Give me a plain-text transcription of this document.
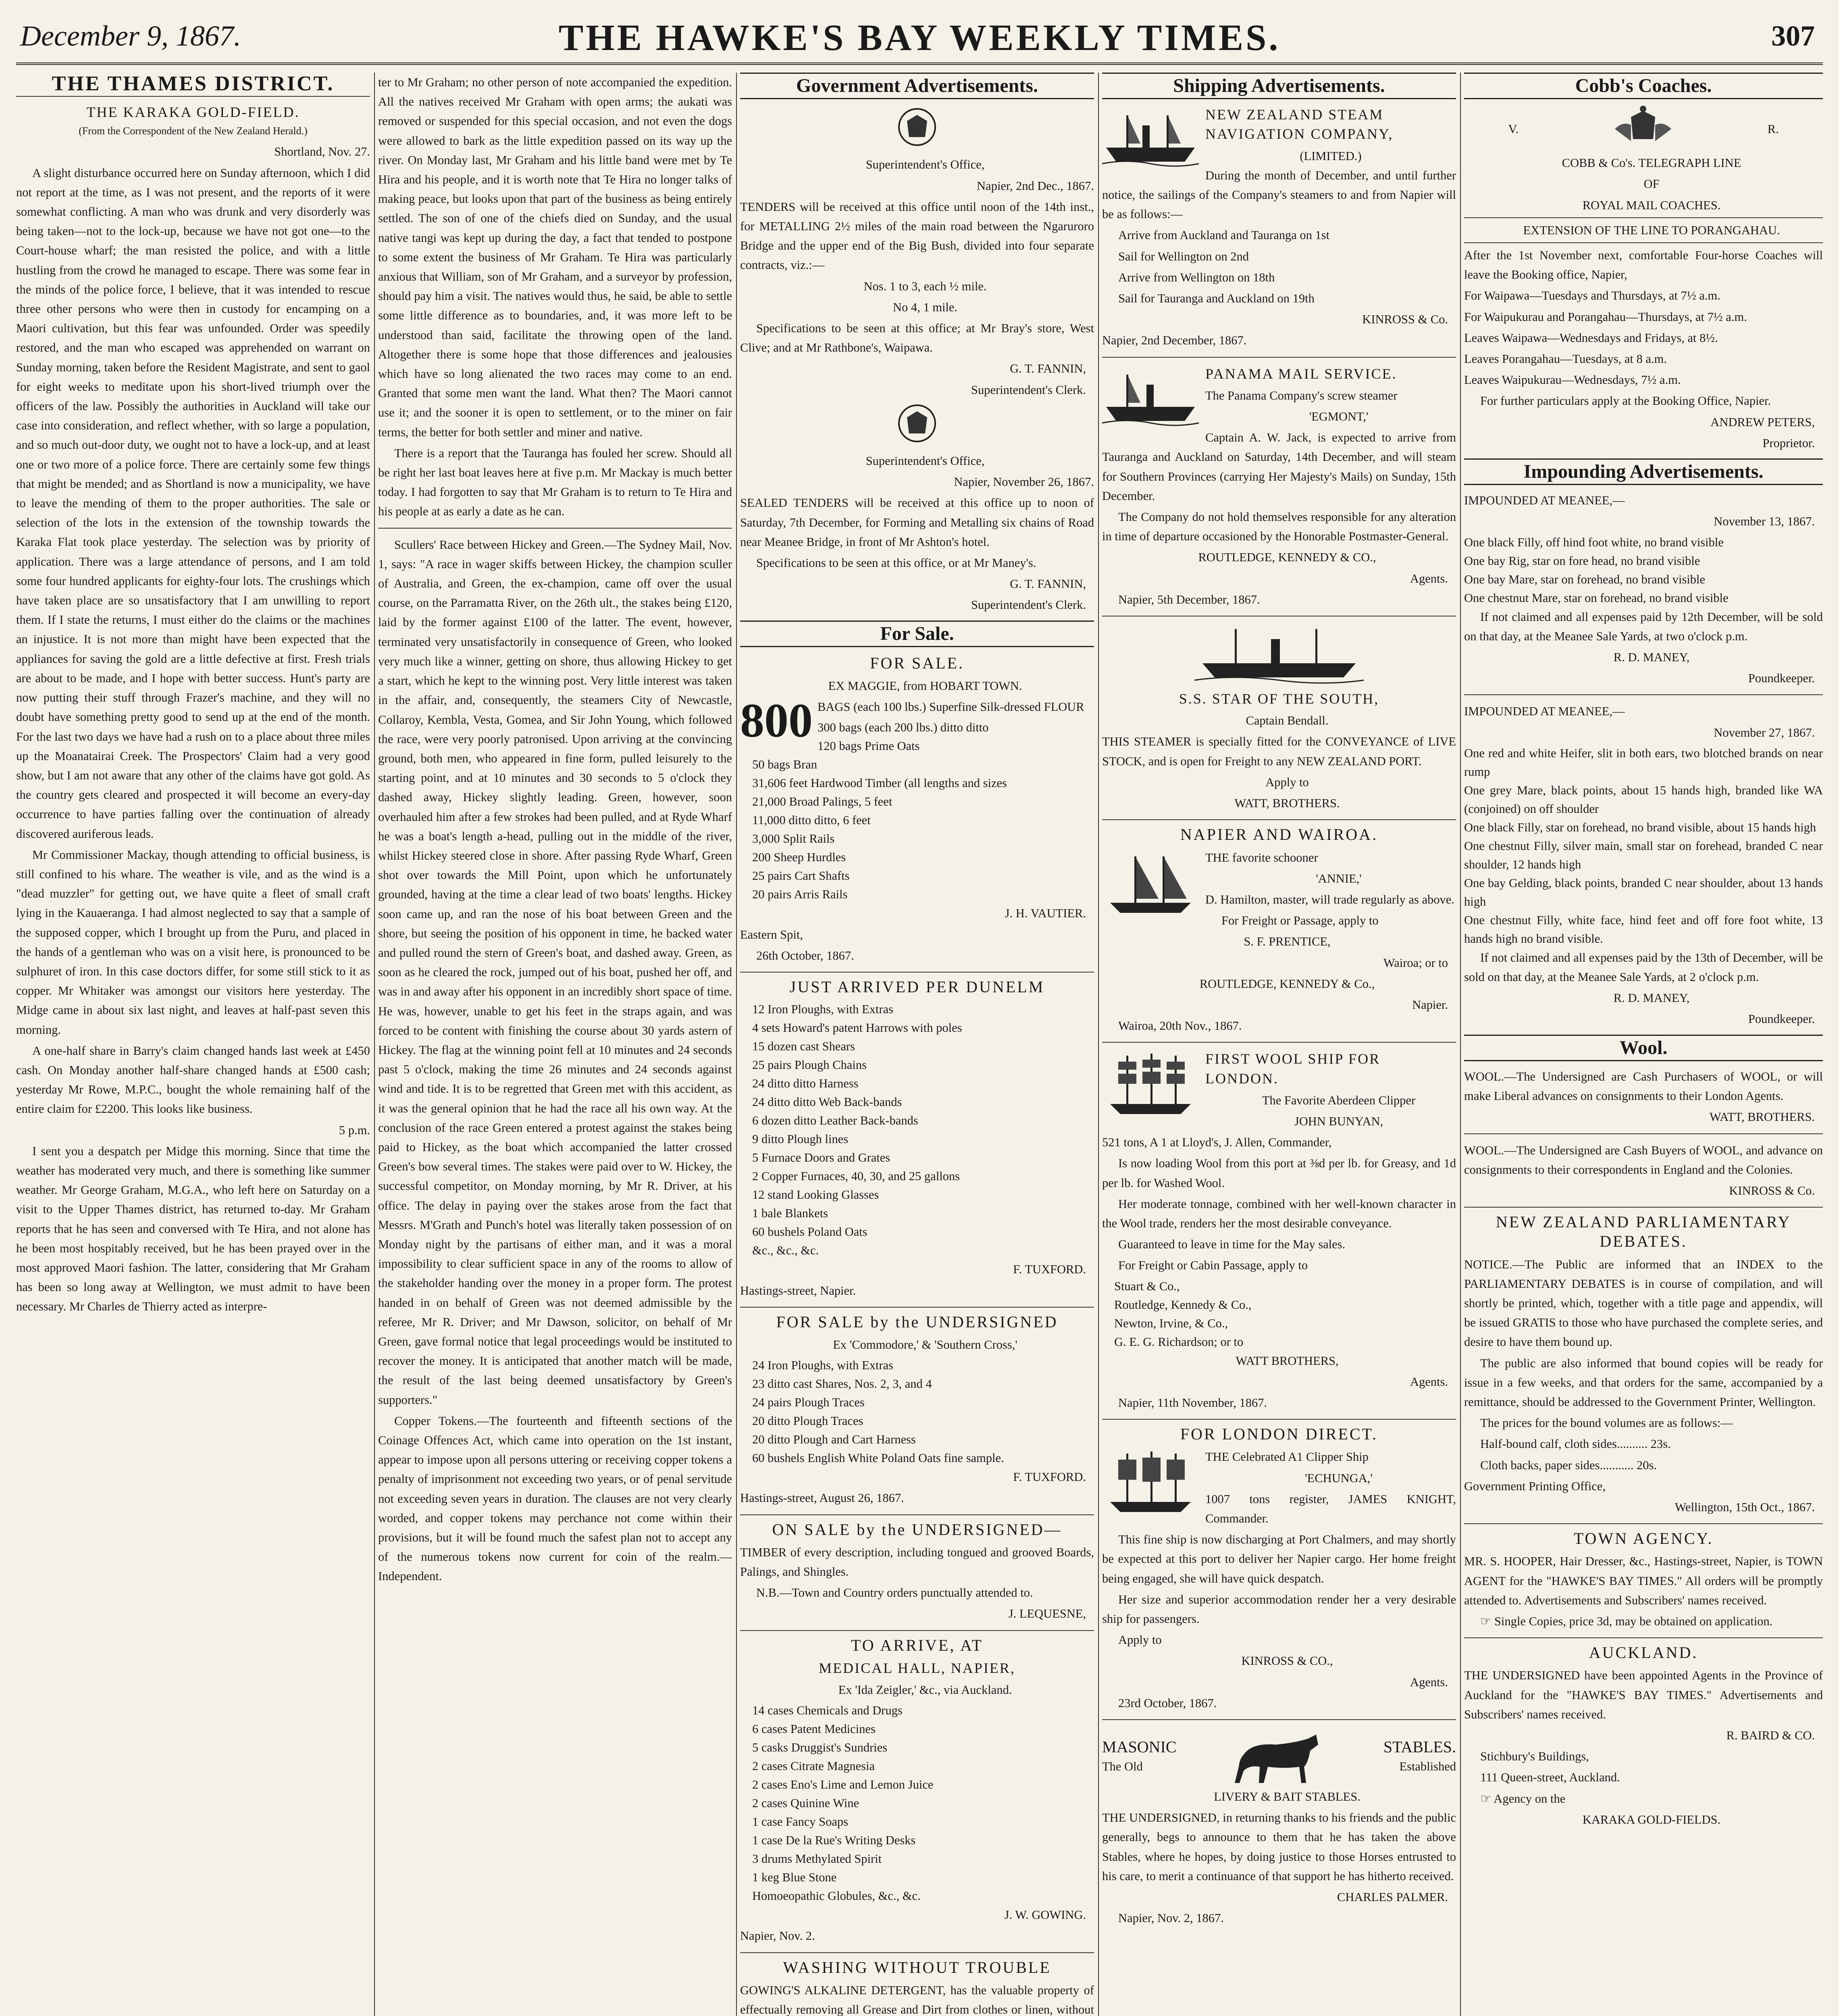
December 9, 1867.	THE HAWKE'S BAY WEEKLY TIMES.	307
THE THAMES DISTRICT.
THE KARAKA GOLD-FIELD.
(From the Correspondent of the New Zealand Herald.)

Shortland, Nov. 27.

A slight disturbance occurred here on Sunday afternoon, which I did not report at the time, as I was not present, and the reports of it were somewhat conflicting. A man who was drunk and very disorderly was being taken—not to the lock-up, because we have not got one—to the Court-house wharf; the man resisted the police, and with a little hustling from the crowd he managed to escape. There was some fear in the minds of the police force, I believe, that it was intended to rescue three other persons who were then in custody for encamping on a Maori cultivation, but this fear was unfounded. Order was speedily restored, and the man who escaped was apprehended on warrant on Sunday morning, taken before the Resident Magistrate, and sent to gaol for eight weeks to meditate upon his short-lived triumph over the officers of the law. Possibly the authorities in Auckland will take our case into consideration, and reflect whether, with so large a population, and so much out-door duty, we ought not to have a lock-up, and at least one or two more of a police force. There are certainly some few things that might be mended; and as Shortland is now a municipality, we have to leave the mending of them to the proper authorities. The sale or selection of the lots in the extension of the township towards the Karaka Flat took place yesterday. The selection was by priority of application. There was a large attendance of persons, and I am told some four hundred applicants for eighty-four lots. The crushings which have taken place are so unsatisfactory that I am unwilling to report them. If I state the returns, I must either do the claims or the machines an injustice. It is not more than might have been expected that the appliances for saving the gold are a little defective at first. Fresh trials are about to be made, and I hope with better success. Hunt's party are now putting their stuff through Frazer's machine, and they will no doubt have something pretty good to send up at the end of the month. For the last two days we have had a rush on to a place about three miles up the Moanatairai Creek. The Prospectors' Claim had a very good show, but I am not aware that any other of the claims have got gold. As the country gets cleared and prospected it will become an every-day occurrence to have parties falling over the continuation of already discovered auriferous leads.

Mr Commissioner Mackay, though attending to official business, is still confined to his whare. The weather is vile, and as the wind is a "dead muzzler" for getting out, we have quite a fleet of small craft lying in the Kauaeranga. I had almost neglected to say that a sample of the supposed copper, which I brought up from the Puru, and placed in the hands of a gentleman who was on a visit here, is pronounced to be sulphuret of iron. In this case doctors differ, for some still stick to it as copper. Mr Whitaker was amongst our visitors here yesterday. The Midge came in about six last night, and leaves at half-past seven this morning.

A one-half share in Barry's claim changed hands last week at £450 cash. On Monday another half-share changed hands at £500 cash; yesterday Mr Rowe, M.P.C., bought the whole remaining half of the entire claim for £2200. This looks like business.

5 p.m.

I sent you a despatch per Midge this morning. Since that time the weather has moderated very much, and there is something like summer weather. Mr George Graham, M.G.A., who left here on Saturday on a visit to the Upper Thames district, has returned to-day. Mr Graham reports that he has seen and conversed with Te Hira, and not alone has he been most hospitably received, but he has been prayed over in the most approved Maori fashion. The latter, considering that Mr Graham has been so long away at Wellington, we must admit to have been necessary. Mr Charles de Thierry acted as interpre-

ter to Mr Graham; no other person of note accompanied the expedition. All the natives received Mr Graham with open arms; the aukati was removed or suspended for this special occasion, and not even the dogs were allowed to bark as the little expedition passed on its way up the river. On Monday last, Mr Graham and his little band were met by Te Hira and his people, and it is worth note that Te Hira no longer talks of making peace, but looks upon that part of the business as being entirely settled. The son of one of the chiefs died on Sunday, and the usual native tangi was kept up during the day, a fact that tended to postpone to some extent the business of Mr Graham. Te Hira was particularly anxious that William, son of Mr Graham, and a surveyor by profession, should pay him a visit. The natives would thus, he said, be able to settle some little difference as to boundaries, and, it was more left to be understood than said, facilitate the throwing open of the land. Altogether there is some hope that those differences and jealousies which have so long alienated the two races may come to an end. Granted that some men want the land. What then? The Maori cannot use it; and the sooner it is open to settlement, or to the miner on fair terms, the better for both settler and miner and native.

There is a report that the Tauranga has fouled her screw. Should all be right her last boat leaves here at five p.m. Mr Mackay is much better today. I had forgotten to say that Mr Graham is to return to Te Hira and his people at as early a date as he can.

Scullers' Race between Hickey and Green.—The Sydney Mail, Nov. 1, says: "A race in wager skiffs between Hickey, the champion sculler of Australia, and Green, the ex-champion, came off over the usual course, on the Parramatta River, on the 26th ult., the stakes being £120, laid by the former against £100 of the latter. The event, however, terminated very unsatisfactorily in consequence of Green, who looked very much like a winner, getting on shore, thus allowing Hickey to get a start, which he kept to the winning post. Very little interest was taken in the affair, and, consequently, the steamers City of Newcastle, Collaroy, Kembla, Vesta, Gomea, and Sir John Young, which followed the race, were very poorly patronised. Upon arriving at the convincing ground, both men, who appeared in fine form, pulled leisurely to the starting point, and at 10 minutes and 30 seconds to 5 o'clock they dashed away, Hickey slightly leading. Green, however, soon overhauled him after a few strokes had been pulled, and at Ryde Wharf he was a boat's length a-head, pulling out in the middle of the river, whilst Hickey steered close in shore. After passing Ryde Wharf, Green shot over towards the Mill Point, upon which he unfortunately grounded, having at the time a clear lead of two boats' lengths. Hickey soon came up, and ran the nose of his boat between Green and the shore, but seeing the position of his opponent in time, he backed water and pulled round the stern of Green's boat, and dashed away. Green, as soon as he cleared the rock, jumped out of his boat, pushed her off, and was in and away after his opponent in an incredibly short space of time. He was, however, unable to get his feet in the straps again, and was forced to be content with finishing the course about 30 yards astern of Hickey. The flag at the winning point fell at 10 minutes and 24 seconds past 5 o'clock, making the time 26 minutes and 24 seconds against wind and tide. It is to be regretted that Green met with this accident, as it was the general opinion that he had the race all his own way. At the conclusion of the race Green entered a protest against the stakes being paid to Hickey, as the boat which accompanied the latter crossed Green's bow several times. The stakes were paid over to W. Hickey, the successful competitor, on Monday morning, by Mr R. Driver, at his office. The delay in paying over the stakes arose from the fact that Messrs. M'Grath and Punch's hotel was literally taken possession of on Monday night by the partisans of either man, and it was a moral impossibility to clear sufficient space in any of the rooms to allow of the stakeholder handing over the money in a proper form. The protest handed in on behalf of Green was not deemed admissible by the referee, Mr R. Driver; and Mr Dawson, solicitor, on behalf of Mr Green, gave formal notice that legal proceedings would be instituted to recover the money. It is anticipated that another match will be made, the result of the last being deemed unsatisfactory by Green's supporters."

Copper Tokens.—The fourteenth and fifteenth sections of the Coinage Offences Act, which came into operation on the 1st instant, appear to impose upon all persons uttering or receiving copper tokens a penalty of imprisonment not exceeding two years, or of penal servitude not exceeding seven years in duration. The clauses are not very clearly worded, and copper tokens may perchance not come within their provisions, but it will be found much the safest plan not to accept any of the numerous tokens now current for coin of the realm.—Independent.

Government Advertisements.

Superintendent's Office,

Napier, 2nd Dec., 1867.

TENDERS will be received at this office until noon of the 14th inst., for METALLING 2½ miles of the main road between the Ngaruroro Bridge and the upper end of the Big Bush, divided into four separate contracts, viz.:—

Nos. 1 to 3, each ½ mile.

No 4, 1 mile.

Specifications to be seen at this office; at Mr Bray's store, West Clive; and at Mr Rathbone's, Waipawa.

G. T. FANNIN,

Superintendent's Clerk.

Superintendent's Office,

Napier, November 26, 1867.

SEALED TENDERS will be received at this office up to noon of Saturday, 7th December, for Forming and Metalling six chains of Road near Meanee Bridge, in front of Mr Ashton's hotel.

Specifications to be seen at this office, or at Mr Maney's.

G. T. FANNIN,

Superintendent's Clerk.

For Sale.
FOR SALE.

EX MAGGIE, from HOBART TOWN.

800 BAGS (each 100 lbs.) Superfine Silk-dressed FLOUR

300 bags (each 200 lbs.) ditto ditto
120 bags Prime Oats
50 bags Bran
31,606 feet Hardwood Timber (all lengths and sizes
21,000 Broad Palings, 5 feet
11,000 ditto ditto, 6 feet
3,000 Split Rails
200 Sheep Hurdles
25 pairs Cart Shafts
20 pairs Arris Rails

J. H. VAUTIER.

Eastern Spit,

26th October, 1867.

JUST ARRIVED PER DUNELM
12 Iron Ploughs, with Extras
4 sets Howard's patent Harrows with poles
15 dozen cast Shears
25 pairs Plough Chains
24 ditto ditto Harness
24 ditto ditto Web Back-bands
6 dozen ditto Leather Back-bands
9 ditto Plough lines
5 Furnace Doors and Grates
2 Copper Furnaces, 40, 30, and 25 gallons
12 stand Looking Glasses
1 bale Blankets
60 bushels Poland Oats
&c., &c., &c.

F. TUXFORD.

Hastings-street, Napier.

FOR SALE by the UNDERSIGNED

Ex 'Commodore,' & 'Southern Cross,'

24 Iron Ploughs, with Extras
23 ditto cast Shares, Nos. 2, 3, and 4
24 pairs Plough Traces
20 ditto Plough Traces
20 ditto Plough and Cart Harness
60 bushels English White Poland Oats fine sample.

F. TUXFORD.

Hastings-street, August 26, 1867.

ON SALE by the UNDERSIGNED—

TIMBER of every description, including tongued and grooved Boards, Palings, and Shingles.

N.B.—Town and Country orders punctually attended to.

J. LEQUESNE,

TO ARRIVE, AT
MEDICAL HALL, NAPIER,

Ex 'Ida Zeigler,' &c., via Auckland.

14 cases Chemicals and Drugs
6 cases Patent Medicines
5 casks Druggist's Sundries
2 cases Citrate Magnesia
2 cases Eno's Lime and Lemon Juice
2 cases Quinine Wine
1 case Fancy Soaps
1 case De la Rue's Writing Desks
3 drums Methylated Spirit
1 keg Blue Stone
Homoeopathic Globules, &c., &c.

J. W. GOWING.

Napier, Nov. 2.

WASHING WITHOUT TROUBLE

GOWING'S ALKALINE DETERGENT, has the valuable property of effectually removing all Grease and Dirt from clothes or linen, without

Shipping Advertisements.
NEW ZEALAND STEAM NAVIGATION COMPANY,
(LIMITED.)

During the month of December, and until further notice, the sailings of the Company's steamers to and from Napier will be as follows:—

Arrive from Auckland and Tauranga on 1st

Sail for Wellington on 2nd

Arrive from Wellington on 18th

Sail for Tauranga and Auckland on 19th

KINROSS & Co.

Napier, 2nd December, 1867.

PANAMA MAIL SERVICE.

The Panama Company's screw steamer

'EGMONT,'

Captain A. W. Jack, is expected to arrive from Tauranga and Auckland on Saturday, 14th December, and will steam for Southern Provinces (carrying Her Majesty's Mails) on Sunday, 15th December.

The Company do not hold themselves responsible for any alteration in time of departure occasioned by the Honorable Postmaster-General.

ROUTLEDGE, KENNEDY & CO.,

Agents.

Napier, 5th December, 1867.

S.S. STAR OF THE SOUTH,

Captain Bendall.

THIS STEAMER is specially fitted for the CONVEYANCE of LIVE STOCK, and is open for Freight to any NEW ZEALAND PORT.

Apply to

WATT, BROTHERS.

NAPIER AND WAIROA.

THE favorite schooner

'ANNIE,'

D. Hamilton, master, will trade regularly as above.

For Freight or Passage, apply to

S. F. PRENTICE,

Wairoa; or to

ROUTLEDGE, KENNEDY & Co.,

Napier.

Wairoa, 20th Nov., 1867.

FIRST WOOL SHIP FOR LONDON.

The Favorite Aberdeen Clipper

JOHN BUNYAN,

521 tons, A 1 at Lloyd's, J. Allen, Commander,

Is now loading Wool from this port at ⅜d per lb. for Greasy, and 1d per lb. for Washed Wool.

Her moderate tonnage, combined with her well-known character in the Wool trade, renders her the most desirable conveyance.

Guaranteed to leave in time for the May sales.

For Freight or Cabin Passage, apply to

Stuart & Co.,
Routledge, Kennedy & Co.,
Newton, Irvine, & Co.,
G. E. G. Richardson; or to

WATT BROTHERS,

Agents.

Napier, 11th November, 1867.

FOR LONDON DIRECT.

THE Celebrated A1 Clipper Ship

'ECHUNGA,'

1007 tons register, JAMES KNIGHT, Commander.

This fine ship is now discharging at Port Chalmers, and may shortly be expected at this port to deliver her Napier cargo. Her home freight being engaged, she will have quick despatch.

Her size and superior accommodation render her a very desirable ship for passengers.

Apply to

KINROSS & CO.,

Agents.

23rd October, 1867.

MASONIC
The Old
STABLES.
Established

LIVERY & BAIT STABLES.

THE UNDERSIGNED, in returning thanks to his friends and the public generally, begs to announce to them that he has taken the above Stables, where he hopes, by doing justice to those Horses entrusted to his care, to merit a continuance of that support he has hitherto received.

CHARLES PALMER.

Napier, Nov. 2, 1867.

Cobb's Coaches.
V.	R.

COBB & Co's. TELEGRAPH LINE

OF

ROYAL MAIL COACHES.

EXTENSION OF THE LINE TO PORANGAHAU.

After the 1st November next, comfortable Four-horse Coaches will leave the Booking office, Napier,

For Waipawa—Tuesdays and Thursdays, at 7½ a.m.

For Waipukurau and Porangahau—Thursdays, at 7½ a.m.

Leaves Waipawa—Wednesdays and Fridays, at 8½.

Leaves Porangahau—Tuesdays, at 8 a.m.

Leaves Waipukurau—Wednesdays, 7½ a.m.

For further particulars apply at the Booking Office, Napier.

ANDREW PETERS,

Proprietor.

Impounding Advertisements.

IMPOUNDED AT MEANEE,—

November 13, 1867.

One black Filly, off hind foot white, no brand visible
One bay Rig, star on fore head, no brand visible
One bay Mare, star on forehead, no brand visible
One chestnut Mare, star on forehead, no brand visible

If not claimed and all expenses paid by 12th December, will be sold on that day, at the Meanee Sale Yards, at two o'clock p.m.

R. D. MANEY,

Poundkeeper.

IMPOUNDED AT MEANEE,—

November 27, 1867.

One red and white Heifer, slit in both ears, two blotched brands on near rump
One grey Mare, black points, about 15 hands high, branded like WA (conjoined) on off shoulder
One black Filly, star on forehead, no brand visible, about 15 hands high
One chestnut Filly, silver main, small star on forehead, branded C near shoulder, 12 hands high
One bay Gelding, black points, branded C near shoulder, about 13 hands high
One chestnut Filly, white face, hind feet and off fore foot white, 13 hands high no brand visible.

If not claimed and all expenses paid by the 13th of December, will be sold on that day, at the Meanee Sale Yards, at 2 o'clock p.m.

R. D. MANEY,

Poundkeeper.

Wool.

WOOL.—The Undersigned are Cash Purchasers of WOOL, or will make Liberal advances on consignments to their London Agents.

WATT, BROTHERS.

WOOL.—The Undersigned are Cash Buyers of WOOL, and advance on consignments to their correspondents in England and the Colonies.

KINROSS & Co.

NEW ZEALAND PARLIAMENTARY DEBATES.

NOTICE.—The Public are informed that an INDEX to the PARLIAMENTARY DEBATES is in course of compilation, and will shortly be printed, which, together with a title page and appendix, will be issued GRATIS to those who have purchased the complete series, and desire to have them bound up.

The public are also informed that bound copies will be ready for issue in a few weeks, and that orders for the same, accompanied by a remittance, should be addressed to the Government Printer, Wellington.

The prices for the bound volumes are as follows:—

Half-bound calf, cloth sides.......... 23s.

Cloth backs, paper sides........... 20s.

Government Printing Office,

Wellington, 15th Oct., 1867.

TOWN AGENCY.

MR. S. HOOPER, Hair Dresser, &c., Hastings-street, Napier, is TOWN AGENT for the "HAWKE'S BAY TIMES." All orders will be promptly attended to. Advertisements and Subscribers' names received.

☞ Single Copies, price 3d, may be obtained on application.

AUCKLAND.

THE UNDERSIGNED have been appointed Agents in the Province of Auckland for the "HAWKE'S BAY TIMES." Advertisements and Subscribers' names received.

R. BAIRD & CO.

Stichbury's Buildings,

111 Queen-street, Auckland.

☞ Agency on the

KARAKA GOLD-FIELDS.
